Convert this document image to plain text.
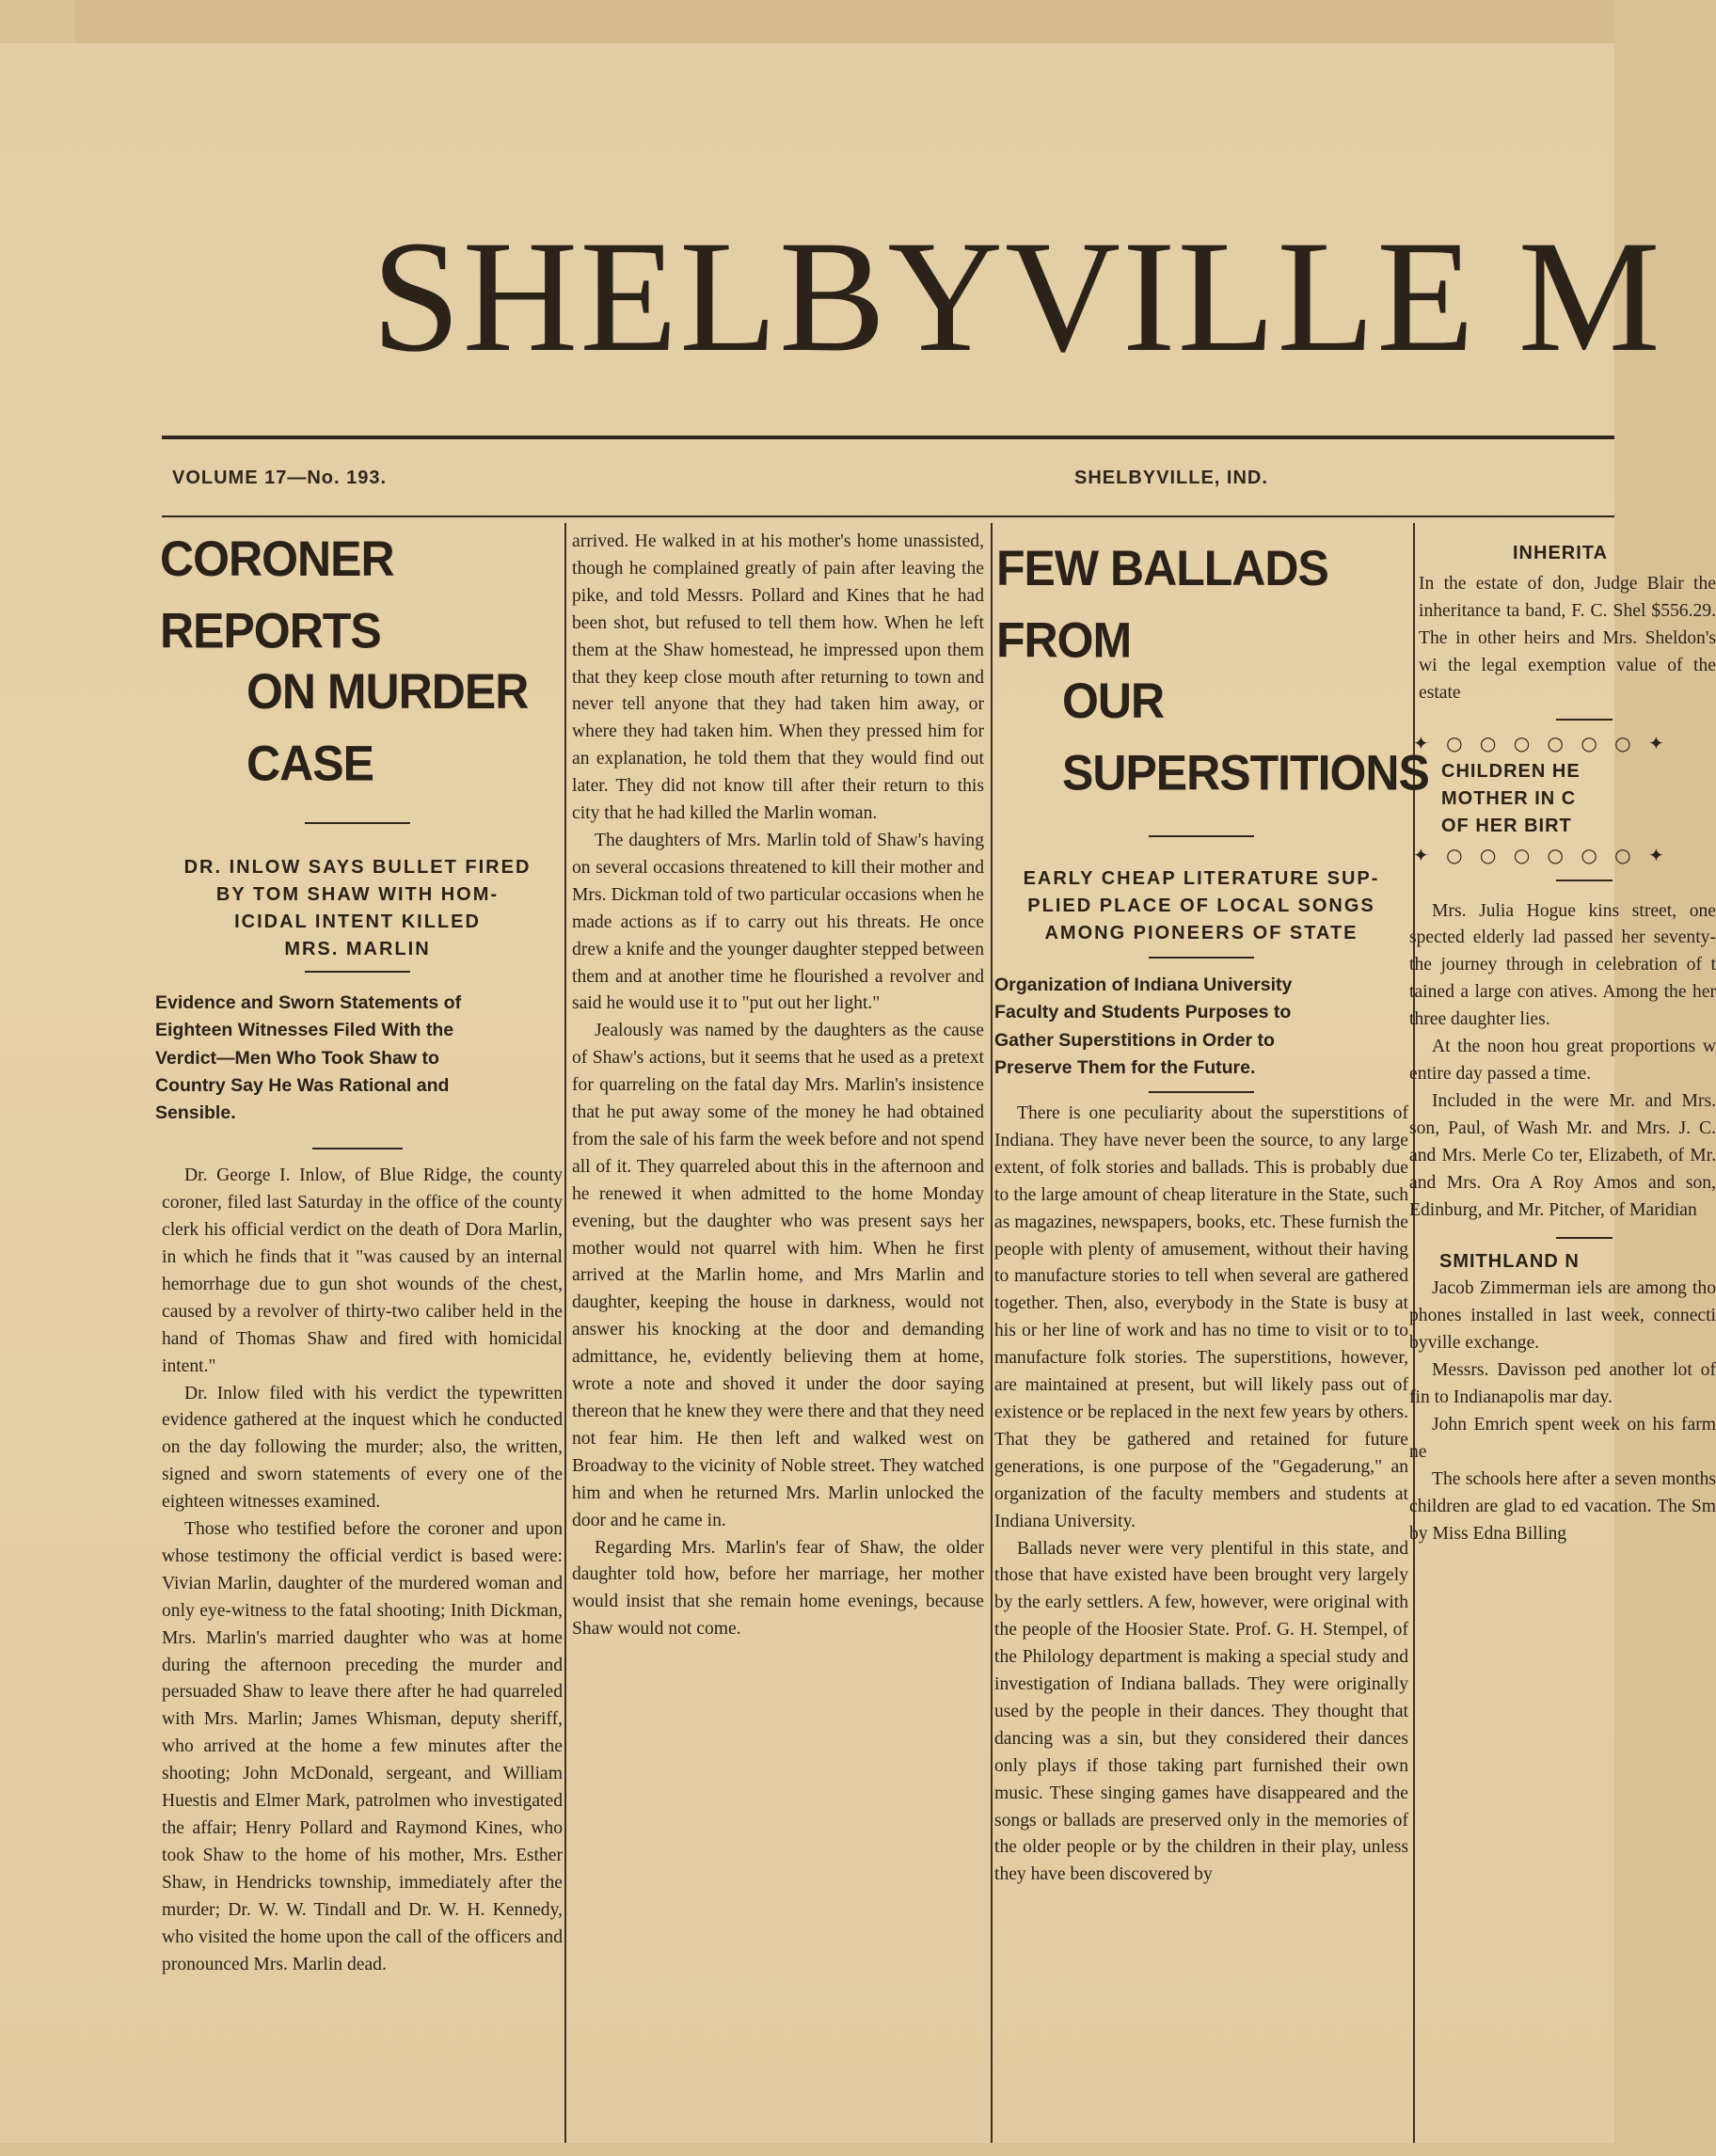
SHELBYVILLE M
VOLUME 17—No. 193.	SHELBYVILLE, IND.
CORONER REPORTS
ON MURDER CASE

DR. INLOW SAYS BULLET FIRED
BY TOM SHAW WITH HOM-
ICIDAL INTENT KILLED
MRS. MARLIN

Evidence and Sworn Statements of
Eighteen Witnesses Filed With the
Verdict—Men Who Took Shaw to
Country Say He Was Rational and
Sensible.

Dr. George I. Inlow, of Blue Ridge, the county coroner, filed last Saturday in the office of the county clerk his official verdict on the death of Dora Marlin, in which he finds that it "was caused by an internal hemorrhage due to gun shot wounds of the chest, caused by a revolver of thirty-two caliber held in the hand of Thomas Shaw and fired with homicidal intent."

Dr. Inlow filed with his verdict the typewritten evidence gathered at the inquest which he conducted on the day following the murder; also, the written, signed and sworn statements of every one of the eighteen witnesses examined.

Those who testified before the coroner and upon whose testimony the official verdict is based were: Vivian Marlin, daughter of the murdered woman and only eye-witness to the fatal shooting; Inith Dickman, Mrs. Marlin's married daughter who was at home during the afternoon preceding the murder and persuaded Shaw to leave there after he had quarreled with Mrs. Marlin; James Whisman, deputy sheriff, who arrived at the home a few minutes after the shooting; John McDonald, sergeant, and William Huestis and Elmer Mark, patrolmen who investigated the affair; Henry Pollard and Raymond Kines, who took Shaw to the home of his mother, Mrs. Esther Shaw, in Hendricks township, immediately after the murder; Dr. W. W. Tindall and Dr. W. H. Kennedy, who visited the home upon the call of the officers and pronounced Mrs. Marlin dead.

arrived. He walked in at his mother's home unassisted, though he complained greatly of pain after leaving the pike, and told Messrs. Pollard and Kines that he had been shot, but refused to tell them how. When he left them at the Shaw homestead, he impressed upon them that they keep close mouth after returning to town and never tell anyone that they had taken him away, or where they had taken him. When they pressed him for an explanation, he told them that they would find out later. They did not know till after their return to this city that he had killed the Marlin woman.

The daughters of Mrs. Marlin told of Shaw's having on several occasions threatened to kill their mother and Mrs. Dickman told of two particular occasions when he made actions as if to carry out his threats. He once drew a knife and the younger daughter stepped between them and at another time he flourished a revolver and said he would use it to "put out her light."

Jealously was named by the daughters as the cause of Shaw's actions, but it seems that he used as a pretext for quarreling on the fatal day Mrs. Marlin's insistence that he put away some of the money he had obtained from the sale of his farm the week before and not spend all of it. They quarreled about this in the afternoon and he renewed it when admitted to the home Monday evening, but the daughter who was present says her mother would not quarrel with him. When he first arrived at the Marlin home, and Mrs Marlin and daughter, keeping the house in darkness, would not answer his knocking at the door and demanding admittance, he, evidently believing them at home, wrote a note and shoved it under the door saying thereon that he knew they were there and that they need not fear him. He then left and walked west on Broadway to the vicinity of Noble street. They watched him and when he returned Mrs. Marlin unlocked the door and he came in.

Regarding Mrs. Marlin's fear of Shaw, the older daughter told how, before her marriage, her mother would insist that she remain home evenings, because Shaw would not come.

FEW BALLADS FROM
OUR SUPERSTITIONS

EARLY CHEAP LITERATURE SUP-
PLIED PLACE OF LOCAL SONGS
AMONG PIONEERS OF STATE

Organization of Indiana University
Faculty and Students Purposes to
Gather Superstitions in Order to
Preserve Them for the Future.

There is one peculiarity about the superstitions of Indiana. They have never been the source, to any large extent, of folk stories and ballads. This is probably due to the large amount of cheap literature in the State, such as magazines, newspapers, books, etc. These furnish the people with plenty of amusement, without their having to manufacture stories to tell when several are gathered together. Then, also, everybody in the State is busy at his or her line of work and has no time to visit or to to manufacture folk stories. The superstitions, however, are maintained at present, but will likely pass out of existence or be replaced in the next few years by others. That they be gathered and retained for future generations, is one purpose of the "Gegaderung," an organization of the faculty members and students at Indiana University.

Ballads never were very plentiful in this state, and those that have existed have been brought very largely by the early settlers. A few, however, were original with the people of the Hoosier State. Prof. G. H. Stempel, of the Philology department is making a special study and investigation of Indiana ballads. They were originally used by the people in their dances. They thought that dancing was a sin, but they considered their dances only plays if those taking part furnished their own music. These singing games have disappeared and the songs or ballads are preserved only in the memories of the older people or by the children in their play, unless they have been discovered by

INHERITA
In the estate of don, Judge Blair the inheritance ta band, F. C. Shel $556.29. The in other heirs and Mrs. Sheldon's wi the legal exemption value of the estate
✦ ○ ○ ○ ○ ○ ○ ✦
CHILDREN HE
MOTHER IN C
OF HER BIRT
✦ ○ ○ ○ ○ ○ ○ ✦

Mrs. Julia Hogue kins street, one spected elderly lad passed her seventy- the journey through in celebration of t tained a large con atives. Among the her three daughter lies.

At the noon hou great proportions w entire day passed a time.

Included in the were Mr. and Mrs. son, Paul, of Wash Mr. and Mrs. J. C. and Mrs. Merle Co ter, Elizabeth, of Mr. and Mrs. Ora A Roy Amos and son, Edinburg, and Mr. Pitcher, of Maridian

SMITHLAND N

Jacob Zimmerman iels are among tho phones installed in last week, connecti byville exchange.

Messrs. Davisson ped another lot of fin to Indianapolis mar day.

John Emrich spent week on his farm ne

The schools here after a seven months children are glad to ed vacation. The Sm by Miss Edna Billing
